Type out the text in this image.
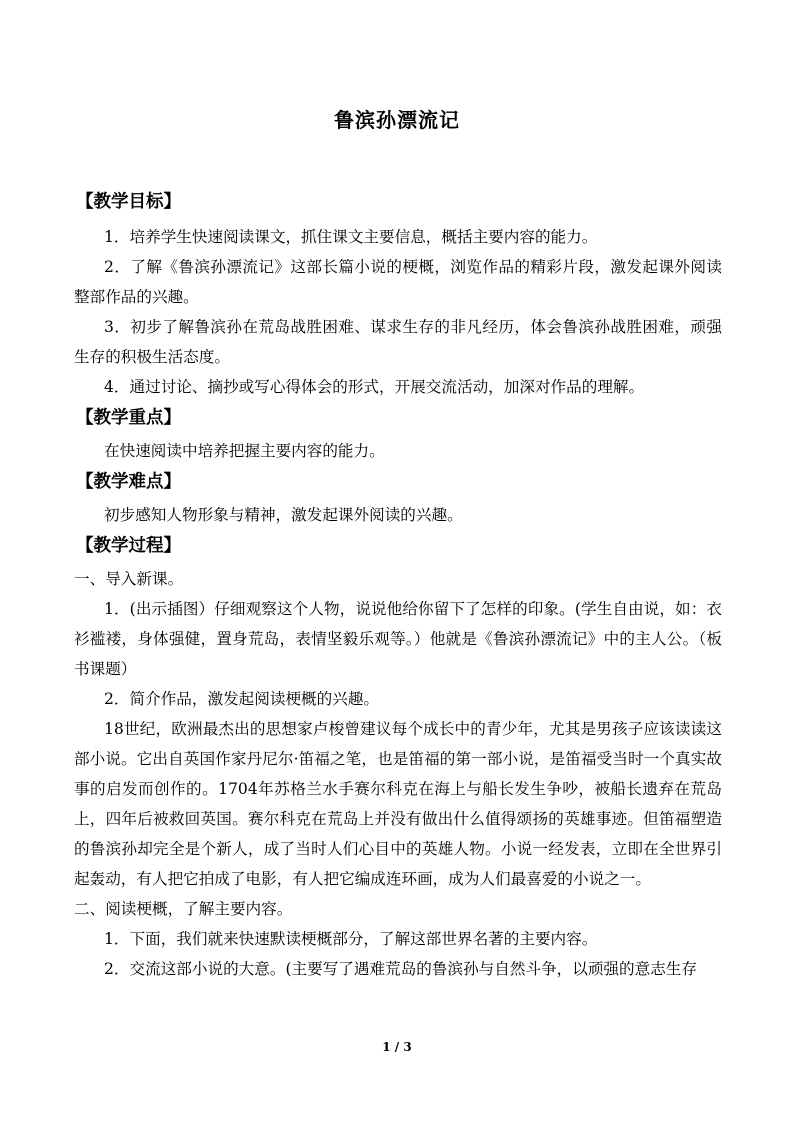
鲁滨孙漂流记
【教学目标】
1．培养学生快速阅读课文，抓住课文主要信息，概括主要内容的能力。
2．了解《鲁滨孙漂流记》这部长篇小说的梗概，浏览作品的精彩片段，激发起课外阅读整部作品的兴趣。
3．初步了解鲁滨孙在荒岛战胜困难、谋求生存的非凡经历，体会鲁滨孙战胜困难，顽强生存的积极生活态度。
4．通过讨论、摘抄或写心得体会的形式，开展交流活动，加深对作品的理解。
【教学重点】
在快速阅读中培养把握主要内容的能力。
【教学难点】
初步感知人物形象与精神，激发起课外阅读的兴趣。
【教学过程】
一、导入新课。
1．(出示插图）仔细观察这个人物，说说他给你留下了怎样的印象。(学生自由说，如：衣衫褴褛，身体强健，置身荒岛，表情坚毅乐观等。）他就是《鲁滨孙漂流记》中的主人公。（板书课题）
2．简介作品，激发起阅读梗概的兴趣。
18世纪，欧洲最杰出的思想家卢梭曾建议每个成长中的青少年，尤其是男孩子应该读读这部小说。它出自英国作家丹尼尔·笛福之笔，也是笛福的第一部小说，是笛福受当时一个真实故事的启发而创作的。1704年苏格兰水手赛尔科克在海上与船长发生争吵，被船长遗弃在荒岛上，四年后被救回英国。赛尔科克在荒岛上并没有做出什么值得颂扬的英雄事迹。但笛福塑造的鲁滨孙却完全是个新人，成了当时人们心目中的英雄人物。小说一经发表，立即在全世界引起轰动，有人把它拍成了电影，有人把它编成连环画，成为人们最喜爱的小说之一。
二、阅读梗概，了解主要内容。
1．下面，我们就来快速默读梗概部分，了解这部世界名著的主要内容。
2．交流这部小说的大意。(主要写了遇难荒岛的鲁滨孙与自然斗争，以顽强的意志生存
1 / 3
